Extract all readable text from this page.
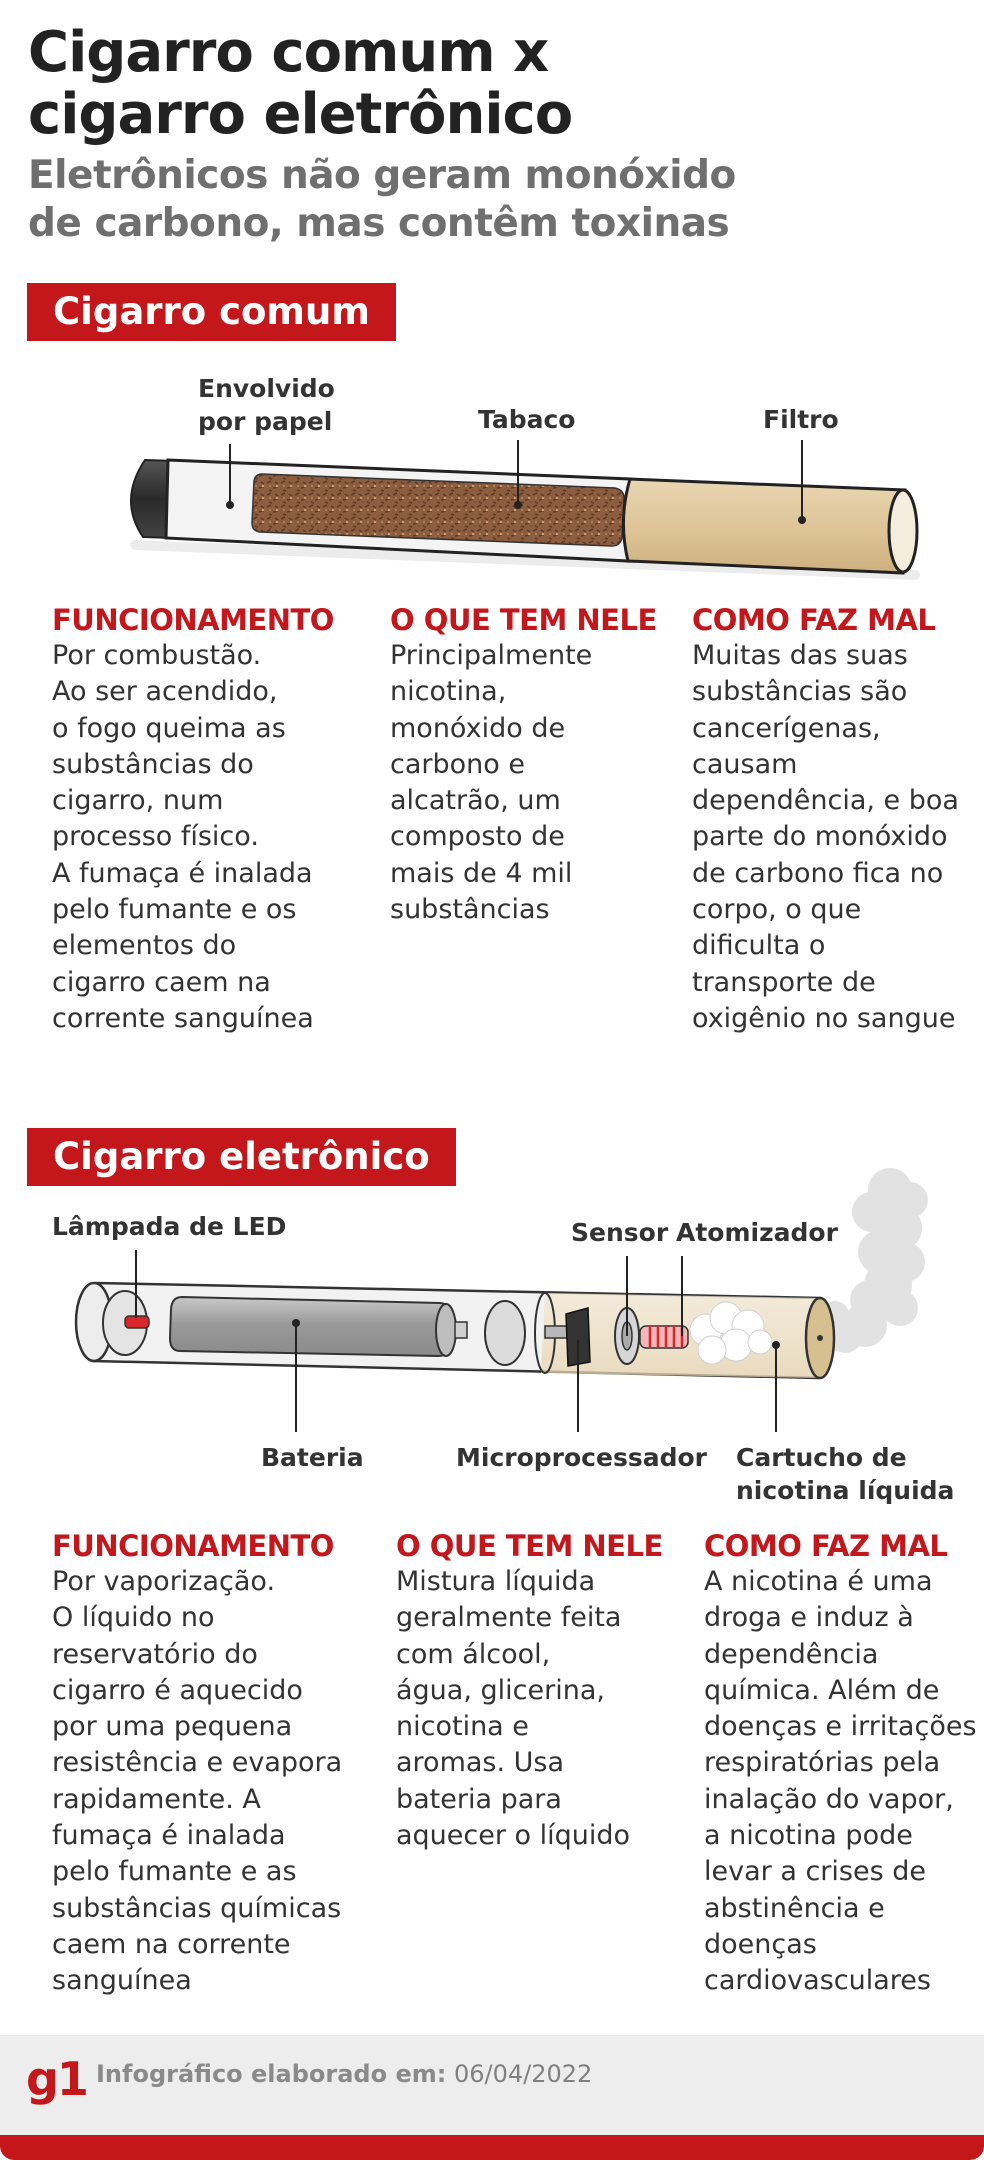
Cigarro comum x
cigarro eletrônico
Eletrônicos não geram monóxido
de carbono, mas contêm toxinas
Cigarro comum
Envolvido
por papel	Tabaco	Filtro
FUNCIONAMENTO
Por combustão.
Ao ser acendido,
o fogo queima as
substâncias do
cigarro, num
processo físico.
A fumaça é inalada
pelo fumante e os
elementos do
cigarro caem na
corrente sanguínea
O QUE TEM NELE
Principalmente
nicotina,
monóxido de
carbono e
alcatrão, um
composto de
mais de 4 mil
substâncias
COMO FAZ MAL
Muitas das suas
substâncias são
cancerígenas,
causam
dependência, e boa
parte do monóxido
de carbono fica no
corpo, o que
dificulta o
transporte de
oxigênio no sangue
Cigarro eletrônico
Lâmpada de LED	Sensor Atomizador
Bateria	Microprocessador Cartucho de
nicotina líquida
FUNCIONAMENTO
Por vaporização.
O líquido no
reservatório do
cigarro é aquecido
por uma pequena
resistência e evapora
rapidamente. A
fumaça é inalada
pelo fumante e as
substâncias químicas
caem na corrente
sanguínea
O QUE TEM NELE
Mistura líquida
geralmente feita
com álcool,
água, glicerina,
nicotina e
aromas. Usa
bateria para
aquecer o líquido
COMO FAZ MAL
A nicotina é uma
droga e induz à
dependência
química. Além de
doenças e irritações
respiratórias pela
inalação do vapor,
a nicotina pode
levar a crises de
abstinência e
doenças
cardiovasculares
g1 Infográfico elaborado em: 06/04/2022
